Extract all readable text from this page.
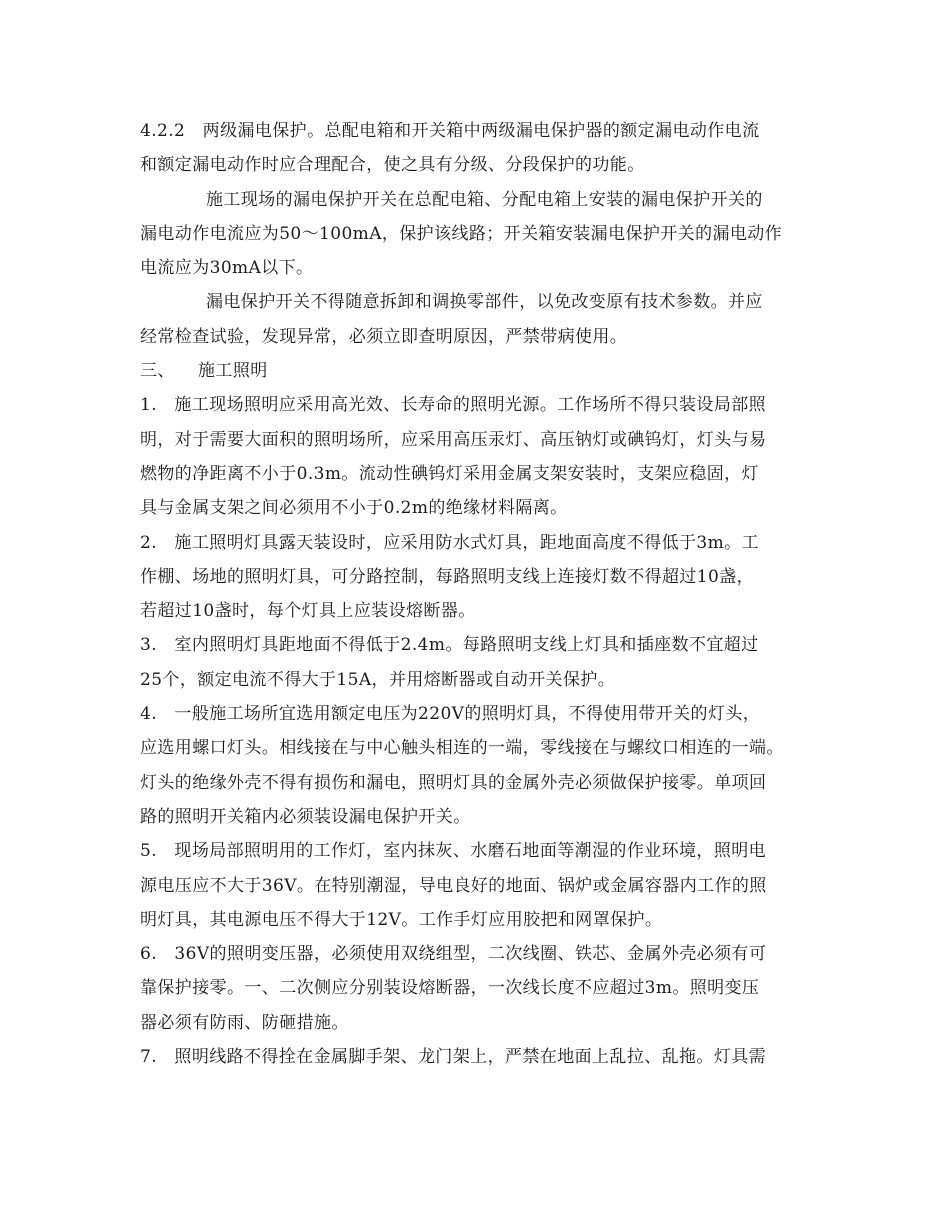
4.2.2   两级漏电保护。总配电箱和开关箱中两级漏电保护器的额定漏电动作电流
和额定漏电动作时应合理配合，使之具有分级、分段保护的功能。
施工现场的漏电保护开关在总配电箱、分配电箱上安装的漏电保护开关的
漏电动作电流应为50～100mA，保护该线路；开关箱安装漏电保护开关的漏电动作
电流应为30mA以下。
漏电保护开关不得随意拆卸和调换零部件，以免改变原有技术参数。并应
经常检查试验，发现异常，必须立即查明原因，严禁带病使用。
三、    施工照明
1.   施工现场照明应采用高光效、长寿命的照明光源。工作场所不得只装设局部照
明，对于需要大面积的照明场所，应采用高压汞灯、高压钠灯或碘钨灯，灯头与易
燃物的净距离不小于0.3m。流动性碘钨灯采用金属支架安装时，支架应稳固，灯
具与金属支架之间必须用不小于0.2m的绝缘材料隔离。
2.   施工照明灯具露天装设时，应采用防水式灯具，距地面高度不得低于3m。工
作棚、场地的照明灯具，可分路控制，每路照明支线上连接灯数不得超过10盏，
若超过10盏时，每个灯具上应装设熔断器。
3.   室内照明灯具距地面不得低于2.4m。每路照明支线上灯具和插座数不宜超过
25个，额定电流不得大于15A，并用熔断器或自动开关保护。
4.   一般施工场所宜选用额定电压为220V的照明灯具，不得使用带开关的灯头，
应选用螺口灯头。相线接在与中心触头相连的一端，零线接在与螺纹口相连的一端。
灯头的绝缘外壳不得有损伤和漏电，照明灯具的金属外壳必须做保护接零。单项回
路的照明开关箱内必须装设漏电保护开关。
5.   现场局部照明用的工作灯，室内抹灰、水磨石地面等潮湿的作业环境，照明电
源电压应不大于36V。在特别潮湿，导电良好的地面、锅炉或金属容器内工作的照
明灯具，其电源电压不得大于12V。工作手灯应用胶把和网罩保护。
6.   36V的照明变压器，必须使用双绕组型，二次线圈、铁芯、金属外壳必须有可
靠保护接零。一、二次侧应分别装设熔断器，一次线长度不应超过3m。照明变压
器必须有防雨、防砸措施。
7.   照明线路不得拴在金属脚手架、龙门架上，严禁在地面上乱拉、乱拖。灯具需
